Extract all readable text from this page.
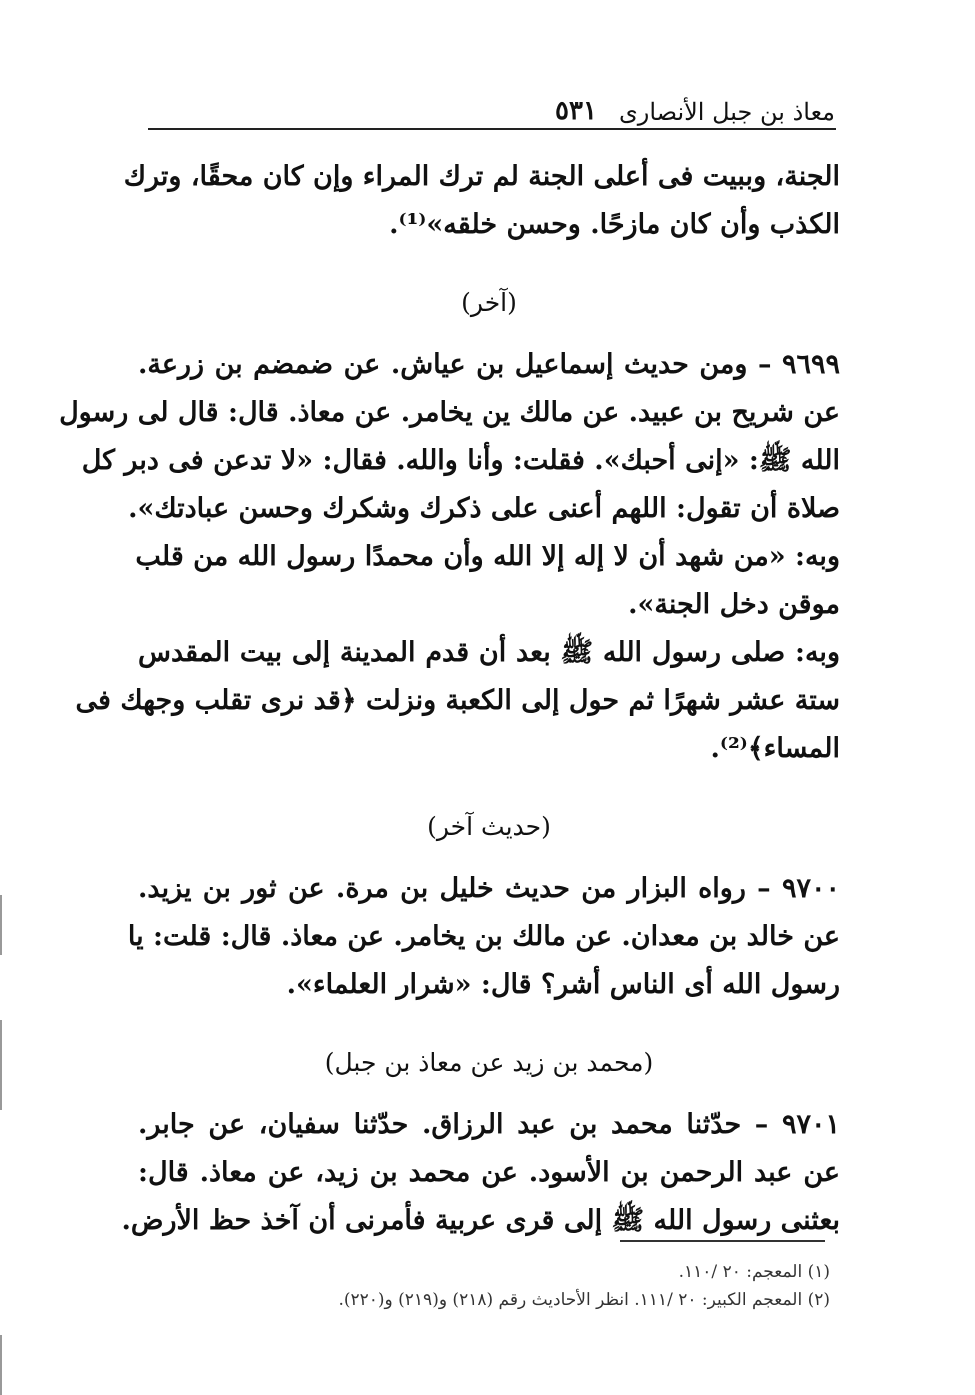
معاذ بن جبل الأنصارى
٥٣١
الجنة، وببيت فى أعلى الجنة لم ترك المراء وإن كان محقًا، وترك
الكذب وأن كان مازحًا. وحسن خلقه»⁽¹⁾.
(آخر)
٩٦٩٩ – ومن حديث إسماعيل بن عياش. عن ضمضم بن زرعة.
عن شريح بن عبيد. عن مالك ين يخامر. عن معاذ. قال: قال لى رسول
الله ﷺ: «إنى أحبك». فقلت: وأنا والله. فقال: «لا تدعن فى دبر كل
صلاة أن تقول: اللهم أعنى على ذكرك وشكرك وحسن عبادتك».
وبه: «من شهد أن لا إله إلا الله وأن محمدًا رسول الله من قلب
موقن دخل الجنة».
وبه: صلى رسول الله ﷺ بعد أن قدم المدينة إلى بيت المقدس
ستة عشر شهرًا ثم حول إلى الكعبة ونزلت ﴿قد نرى تقلب وجهك فى
المساء﴾⁽²⁾.
(حديث آخر)
٩٧٠٠ – رواه البزار من حديث خليل بن مرة. عن ثور بن يزيد.
عن خالد بن معدان. عن مالك بن يخامر. عن معاذ. قال: قلت: يا
رسول الله أى الناس أشر؟ قال: «شرار العلماء».
(محمد بن زيد عن معاذ بن جبل)
٩٧٠١ – حدّثنا محمد بن عبد الرزاق. حدّثنا سفيان، عن جابر.
عن عبد الرحمن بن الأسود. عن محمد بن زيد، عن معاذ. قال:
بعثنى رسول الله ﷺ إلى قرى عربية فأمرنى أن آخذ حظ الأرض.
(١) المعجم: ٢٠ /١١٠.
(٢) المعجم الكبير: ٢٠ /١١١. انظر الأحاديث رقم (٢١٨) و(٢١٩) و(٢٢٠).
